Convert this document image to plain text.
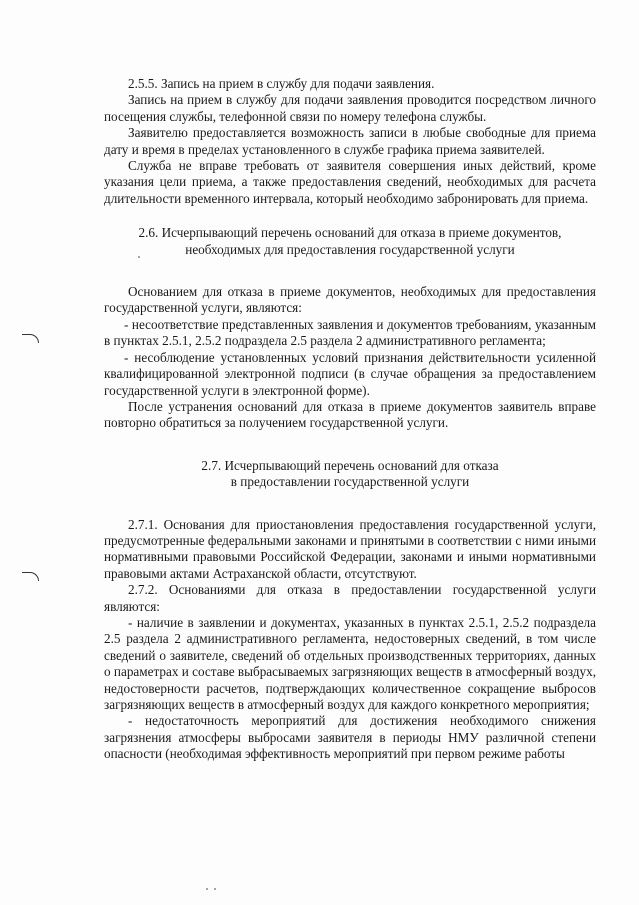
2.5.5. Запись на прием в службу для подачи заявления.

Запись на прием в службу для подачи заявления проводится посредством личного посещения службы, телефонной связи по номеру телефона службы.

Заявителю предоставляется возможность записи в любые свободные для приема дату и время в пределах установленного в службе графика приема заявителей.

Служба не вправе требовать от заявителя совершения иных действий, кроме указания цели приема, а также предоставления сведений, необходимых для расчета длительности временного интервала, который необходимо забронировать для приема.

2.6. Исчерпывающий перечень оснований для отказа в приеме документов,

необходимых для предоставления государственной услуги

Основанием для отказа в приеме документов, необходимых для предоставления государственной услуги, являются:

- несоответствие представленных заявления и документов требованиям, указанным в пунктах 2.5.1, 2.5.2 подраздела 2.5 раздела 2 административного регламента;

- несоблюдение установленных условий признания действительности усиленной квалифицированной электронной подписи (в случае обращения за предоставлением государственной услуги в электронной форме).

После устранения оснований для отказа в приеме документов заявитель вправе повторно обратиться за получением государственной услуги.

2.7. Исчерпывающий перечень оснований для отказа

в предоставлении государственной услуги

2.7.1. Основания для приостановления предоставления государственной услуги, предусмотренные федеральными законами и принятыми в соответствии с ними иными нормативными правовыми Российской Федерации, законами и иными нормативными правовыми актами Астраханской области, отсутствуют.

2.7.2. Основаниями для отказа в предоставлении государственной услуги являются:

- наличие в заявлении и документах, указанных в пунктах 2.5.1, 2.5.2 подраздела 2.5 раздела 2 административного регламента, недостоверных сведений, в том числе сведений о заявителе, сведений об отдельных производственных территориях, данных о параметрах и составе выбрасываемых загрязняющих веществ в атмосферный воздух, недостоверности расчетов, подтверждающих количественное сокращение выбросов загрязняющих веществ в атмосферный воздух для каждого конкретного мероприятия;

- недостаточность мероприятий для достижения необходимого снижения загрязнения атмосферы выбросами заявителя в периоды НМУ различной степени опасности (необходимая эффективность мероприятий при первом режиме работы
